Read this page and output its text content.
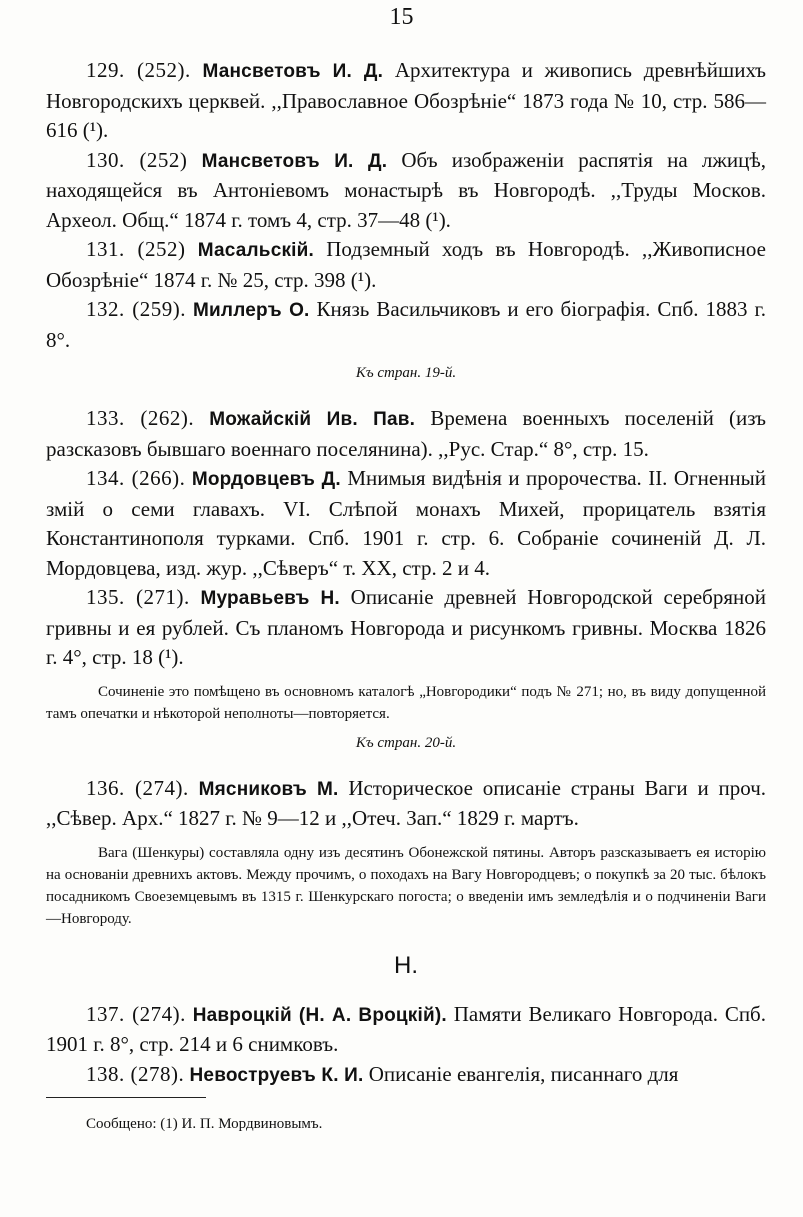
15

129. (252). Мансветовъ И. Д. Архитектура и живопись древнѣйшихъ Новгородскихъ церквей. ,,Православное Обозрѣніе“ 1873 года № 10, стр. 586—616 (¹).

130. (252) Мансветовъ И. Д. Объ изображеніи распятія на лжицѣ, находящейся въ Антоніевомъ монастырѣ въ Новгородѣ. ,,Труды Москов. Археол. Общ.“ 1874 г. томъ 4, стр. 37—48 (¹).

131. (252) Масальскій. Подземный ходъ въ Новгородѣ. ,,Живописное Обозрѣніе“ 1874 г. № 25, стр. 398 (¹).

132. (259). Миллеръ О. Князь Васильчиковъ и его біографія. Спб. 1883 г. 8°.

Къ стран. 19-й.

133. (262). Можайскій Ив. Пав. Времена военныхъ поселеній (изъ разсказовъ бывшаго военнаго поселянина). ,,Рус. Стар.“ 8°, стр. 15.

134. (266). Мордовцевъ Д. Мнимыя видѣнія и пророчества. II. Огненный змій о семи главахъ. VI. Слѣпой монахъ Михей, прорицатель взятія Константинополя турками. Спб. 1901 г. стр. 6. Собраніе сочиненій Д. Л. Мордовцева, изд. жур. ,,Сѣверъ“ т. XX, стр. 2 и 4.

135. (271). Муравьевъ Н. Описаніе древней Новгородской серебряной гривны и ея рублей. Съ планомъ Новгорода и рисункомъ гривны. Москва 1826 г. 4°, стр. 18 (¹).

Сочиненіе это помѣщено въ основномъ каталогѣ „Новгородики“ подъ № 271; но, въ виду допущенной тамъ опечатки и нѣкоторой неполноты—повторяется.

Къ стран. 20-й.

136. (274). Мясниковъ М. Историческое описаніе страны Ваги и проч. ,,Сѣвер. Арх.“ 1827 г. № 9—12 и ,,Отеч. Зап.“ 1829 г. мартъ.

Вага (Шенкуры) составляла одну изъ десятинъ Обонежской пятины. Авторъ разсказываетъ ея исторію на основаніи древнихъ актовъ. Между прочимъ, о походахъ на Вагу Новгородцевъ; о покупкѣ за 20 тыс. бѣлокъ посадникомъ Своеземцевымъ въ 1315 г. Шенкурскаго погоста; о введеніи имъ земледѣлія и о подчиненіи Ваги—Новгороду.

Н.

137. (274). Навроцкій (Н. А. Вроцкій). Памяти Великаго Новгорода. Спб. 1901 г. 8°, стр. 214 и 6 снимковъ.

138. (278). Невоструевъ К. И. Описаніе евангелія, писаннаго для

Сообщено: (1) И. П. Мордвиновымъ.
